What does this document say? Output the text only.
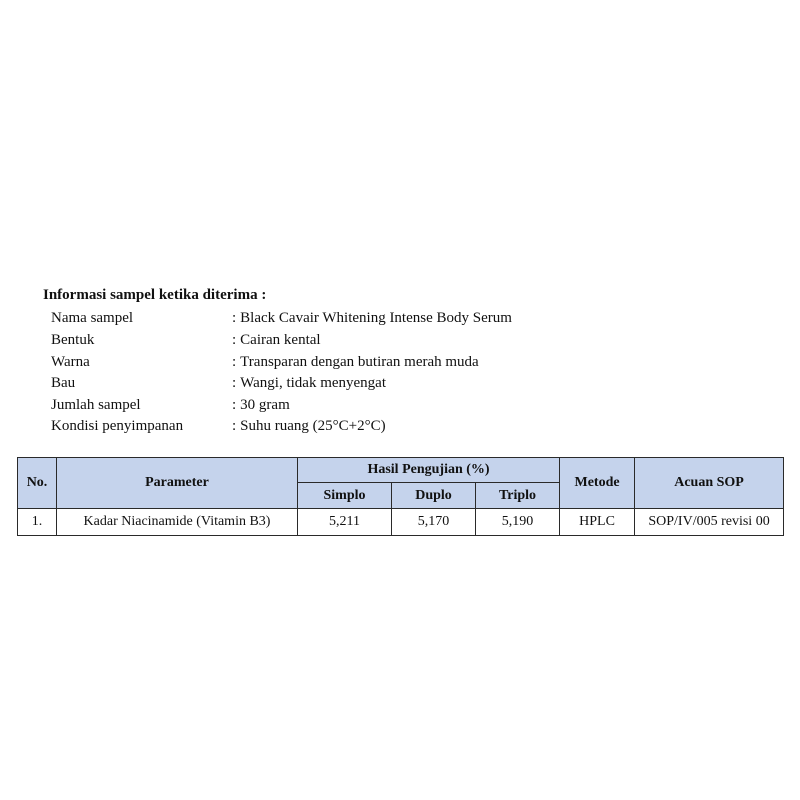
Informasi sampel ketika diterima :
Nama sampel	: Black Cavair Whitening Intense Body Serum
Bentuk	: Cairan kental
Warna	: Transparan dengan butiran merah muda
Bau	: Wangi, tidak menyengat
Jumlah sampel	: 30 gram
Kondisi penyimpanan	: Suhu ruang (25°C+2°C)
No.	Parameter	Hasil Pengujian (%)			Metode	Acuan SOP
		Simplo	Duplo	Triplo		
1.	Kadar Niacinamide (Vitamin B3)	5,211	5,170	5,190	HPLC	SOP/IV/005 revisi 00
